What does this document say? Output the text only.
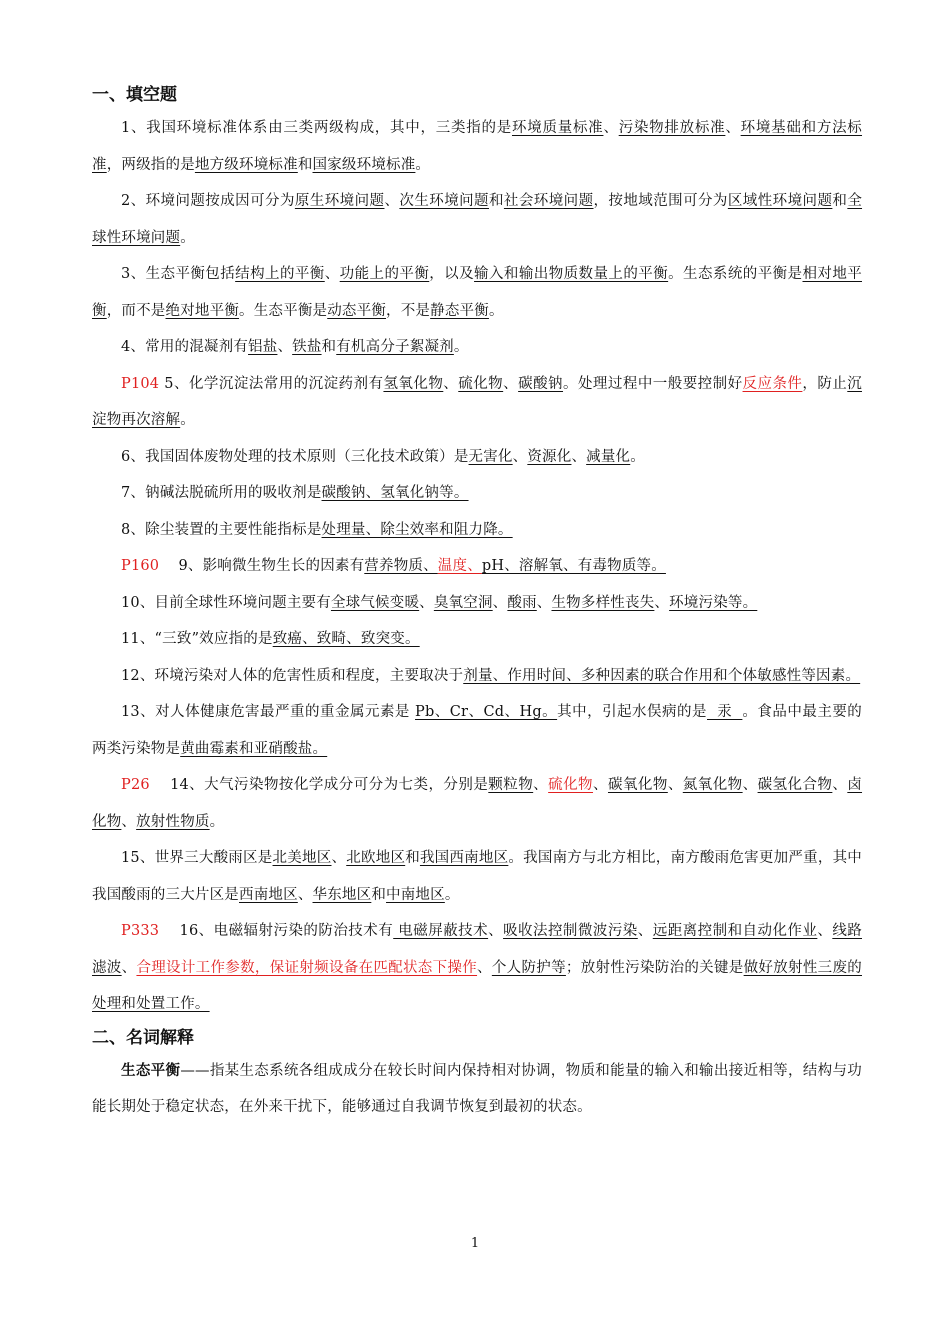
一、填空题

1、我国环境标准体系由三类两级构成，其中，三类指的是环境质量标准、污染物排放标准、环境基础和方法标准，两级指的是地方级环境标准和国家级环境标准。

2、环境问题按成因可分为原生环境问题、次生环境问题和社会环境问题，按地域范围可分为区域性环境问题和全球性环境问题。

3、生态平衡包括结构上的平衡、功能上的平衡，以及输入和输出物质数量上的平衡。生态系统的平衡是相对地平衡，而不是绝对地平衡。生态平衡是动态平衡，不是静态平衡。

4、常用的混凝剂有铝盐、铁盐和有机高分子絮凝剂。

P104 5、化学沉淀法常用的沉淀药剂有氢氧化物、硫化物、碳酸钠。处理过程中一般要控制好反应条件，防止沉淀物再次溶解。

6、我国固体废物处理的技术原则（三化技术政策）是无害化、资源化、减量化。

7、钠碱法脱硫所用的吸收剂是碳酸钠、氢氧化钠等。

8、除尘装置的主要性能指标是处理量、除尘效率和阻力降。

P160    9、影响微生物生长的因素有营养物质、温度、pH、溶解氧、有毒物质等。

10、目前全球性环境问题主要有全球气候变暖、臭氧空洞、酸雨、生物多样性丧失、环境污染等。

11、“三致”效应指的是致癌、致畸、致突变。

12、环境污染对人体的危害性质和程度，主要取决于剂量、作用时间、多种因素的联合作用和个体敏感性等因素。

13、对人体健康危害最严重的重金属元素是 Pb、Cr、Cd、Hg。其中，引起水俣病的是  汞  。食品中最主要的两类污染物是黄曲霉素和亚硝酸盐。

P26    14、大气污染物按化学成分可分为七类，分别是颗粒物、硫化物、碳氧化物、氮氧化物、碳氢化合物、卤化物、放射性物质。

15、世界三大酸雨区是北美地区、北欧地区和我国西南地区。我国南方与北方相比，南方酸雨危害更加严重，其中我国酸雨的三大片区是西南地区、华东地区和中南地区。

P333    16、电磁辐射污染的防治技术有 电磁屏蔽技术、吸收法控制微波污染、远距离控制和自动化作业、线路滤波、合理设计工作参数，保证射频设备在匹配状态下操作、个人防护等；放射性污染防治的关键是做好放射性三废的处理和处置工作。

二、名词解释

生态平衡——指某生态系统各组成成分在较长时间内保持相对协调，物质和能量的输入和输出接近相等，结构与功能长期处于稳定状态，在外来干扰下，能够通过自我调节恢复到最初的状态。

1
